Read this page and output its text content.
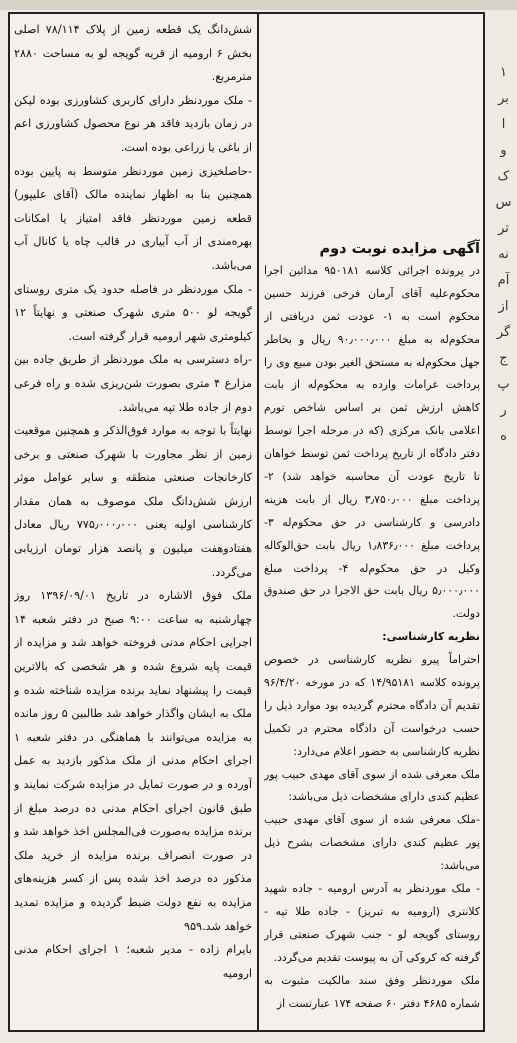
آگهی مزایده نوبت دوم

در پرونده اجرائی کلاسه ۹۵۰۱۸۱ مدائین اجرا محکوم‌علیه آقای آرمان فرخی فرزند حسین محکوم است به ۱- عودت ثمن دریافتی از محکوم‌له به مبلغ ۹۰٫۰۰۰٫۰۰۰ ریال و بخاطر جهل محکوم‌له به مستحق الغیر بودن مبیع وی را پرداخت غرامات وارده به محکوم‌له از بابت کاهش ارزش ثمن بر اساس شاخص تورم اعلامی بانک مرکزی (که در مرحله اجرا توسط دفتر دادگاه از تاریخ پرداخت ثمن توسط خواهان تا تاریخ عودت آن محاسبه خواهد شد) ۲- پرداخت مبلغ ۳٫۷۵۰٫۰۰۰ ریال از بابت هزینه دادرسی و کارشناسی در حق محکوم‌له ۳- پرداخت مبلغ ۱٫۸۳۶٫۰۰۰ ریال بابت حق‌الوکاله وکیل در حق محکوم‌له ۴- پرداخت مبلغ ۵٫۰۰۰٫۰۰۰ ریال بابت حق الاجرا در حق صندوق دولت.

نظریه کارشناسی:

احتراماً پیرو نظریه کارشناسی در خصوص پرونده کلاسه ۱۴/۹۵۱۸۱ که در مورخه ۹۶/۴/۲۰ تقدیم آن دادگاه محترم گردیده بود موارد ذیل را حسب درخواست آن دادگاه محترم در تکمیل نظریه کارشناسی به حضور اعلام می‌دارد:

ملک معرفی شده از سوی آقای مهدی حبیب پور عظیم کندی دارای مشخصات ذیل می‌باشد:

-ملک معرفی شده از سوی آقای مهدی حبیب پور عظیم کندی دارای مشخصات بشرح ذیل می‌باشد:

- ملک موردنظر به آدرس ارومیه - جاده شهید کلانتری (ارومیه به تبریز) - جاده طلا تپه - روستای گویجه لو - جنب شهرک صنعتی قرار گرفته که کروکی آن به پیوست تقدیم می‌گردد.

ملک موردنظر وفق سند مالکیت مثبوت به شماره ۴۶۸۵ دفتر ۶۰ صفحه ۱۷۴ عبارتست از

شش‌دانگ یک قطعه زمین از پلاک ۷۸/۱۱۴ اصلی بخش ۶ ارومیه از قریه گویجه لو به مساحت ۲۸۸۰ مترمربع.

- ملک موردنظر دارای کاربری کشاورزی بوده لیکن در زمان بازدید فاقد هر نوع محصول کشاورزی اعم از باغی یا زراعی بوده است.

-حاصلخیزی زمین موردنظر متوسط به پایین بوده همچنین بنا به اظهار نماینده مالک (آقای علیپور) قطعه زمین موردنظر فاقد امتیاز یا امکانات بهره‌مندی از آب آبیاری در قالب چاه یا کانال آب می‌باشد.

- ملک موردنظر در فاصله حدود یک متری روستای گویجه لو ۵۰۰ متری شهرک صنعتی و نهایتاً ۱۲ کیلومتری شهر ارومیه قرار گرفته است.

-راه دسترسی به ملک موردنظر از طریق جاده بین مزارع ۴ متری بصورت شن‌ریزی شده و راه فرعی دوم از جاده طلا تپه می‌باشد.

نهایتاً با توجه به موارد فوق‌الذکر و همچنین موقعیت زمین از نظر مجاورت با شهرک صنعتی و برخی کارخانجات صنعتی منطقه و سایر عوامل موثر ارزش شش‌دانگ ملک موصوف به همان مقدار کارشناسی اولیه یعنی ۷۷۵٫۰۰۰٫۰۰۰ ریال معادل هفتادوهفت میلیون و پانصد هزار تومان ارزیابی می‌گردد.

ملک فوق الاشاره در تاریخ ۱۳۹۶/۰۹/۰۱ روز چهارشنبه به ساعت ۹:۰۰ صبح در دفتر شعبه ۱۴ اجرایی احکام مدنی فروخته خواهد شد و مزایده از قیمت پایه شروع شده و هر شخصی که بالاترین قیمت را پیشنهاد نماید برنده مزایده شناخته شده و ملک به ایشان واگذار خواهد شد طالبین ۵ روز مانده به مزایده می‌توانند با هماهنگی در دفتر شعبه ۱ اجرای احکام مدنی از ملک مذکور بازدید به عمل آورده و در صورت تمایل در مزایده شرکت نمایند و طبق قانون اجرای احکام مدنی ده درصد مبلغ از برنده مزایده به‌صورت فی‌المجلس اخذ خواهد شد و در صورت انصراف برنده مزایده از خرید ملک مذکور ده درصد اخذ شده پس از کسر هزینه‌های مزایده به نفع دولت ضبط گردیده و مزایده تمدید خواهد شد.۹۵۹

بایرام زاده - مدیر شعبه؛ ۱ اجرای احکام مدنی ارومیه

۱
بر
ا
و
ک
س
تر
نه
آم
از
گر
ج
پ
ر
ه
